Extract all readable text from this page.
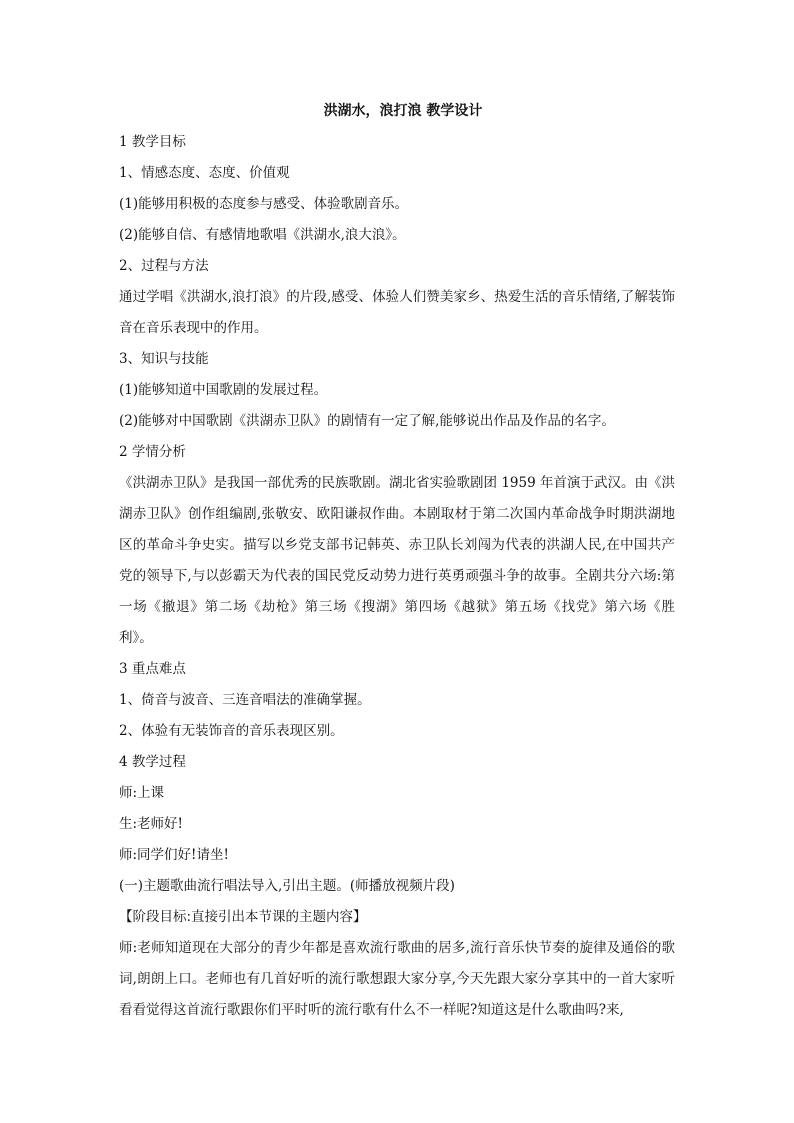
洪湖水，浪打浪 教学设计

1 教学目标

1、情感态度、态度、价值观

(1)能够用积极的态度参与感受、体验歌剧音乐。

(2)能够自信、有感情地歌唱《洪湖水,浪大浪》。

2、过程与方法

通过学唱《洪湖水,浪打浪》的片段,感受、体验人们赞美家乡、热爱生活的音乐情绪,了解装饰音在音乐表现中的作用。

3、知识与技能

(1)能够知道中国歌剧的发展过程。

(2)能够对中国歌剧《洪湖赤卫队》的剧情有一定了解,能够说出作品及作品的名字。

2 学情分析

《洪湖赤卫队》是我国一部优秀的民族歌剧。湖北省实验歌剧团 1959 年首演于武汉。由《洪湖赤卫队》创作组编剧,张敬安、欧阳谦叔作曲。本剧取材于第二次国内革命战争时期洪湖地区的革命斗争史实。描写以乡党支部书记韩英、赤卫队长刘闯为代表的洪湖人民,在中国共产党的领导下,与以彭霸天为代表的国民党反动势力进行英勇顽强斗争的故事。全剧共分六场:第一场《撤退》第二场《劫枪》第三场《搜湖》第四场《越狱》第五场《找党》第六场《胜利》。

3 重点难点

1、倚音与波音、三连音唱法的准确掌握。

2、体验有无装饰音的音乐表现区别。

4 教学过程

师:上课

生:老师好!

师:同学们好!请坐!

(一)主题歌曲流行唱法导入,引出主题。(师播放视频片段)

【阶段目标:直接引出本节课的主题内容】

师:老师知道现在大部分的青少年都是喜欢流行歌曲的居多,流行音乐快节奏的旋律及通俗的歌词,朗朗上口。老师也有几首好听的流行歌想跟大家分享,今天先跟大家分享其中的一首大家听看看觉得这首流行歌跟你们平时听的流行歌有什么不一样呢?知道这是什么歌曲吗?来,
